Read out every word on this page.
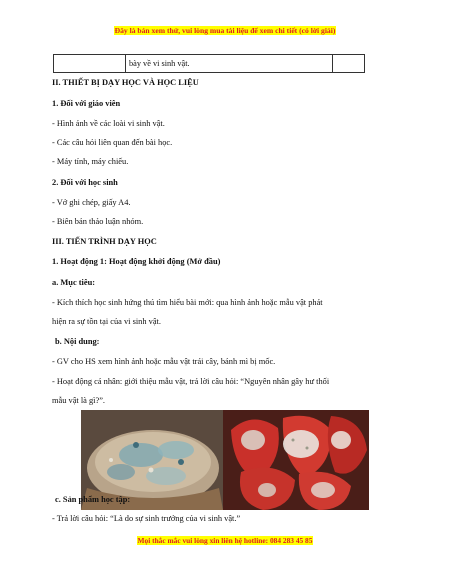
Đây là bản xem thử, vui lòng mua tài liệu để xem chi tiết (có lời giải)
	bày về vi sinh vật.	
II. THIẾT BỊ DẠY HỌC VÀ HỌC LIỆU
1. Đối với giáo viên
- Hình ảnh về các loài vi sinh vật.
- Các câu hỏi liên quan đến bài học.
- Máy tính, máy chiếu.
2. Đối với học sinh
- Vở ghi chép, giấy A4.
- Biên bản thảo luận nhóm.
III. TIẾN TRÌNH DẠY HỌC
1. Hoạt động 1: Hoạt động khởi động (Mở đầu)
a. Mục tiêu:
- Kích thích học sinh hứng thú tìm hiểu bài mới: qua hình ảnh hoặc mẫu vật phát
hiện ra sự tồn tại của vi sinh vật.
b. Nội dung:
- GV cho HS xem hình ảnh hoặc mẫu vật trái cây, bánh mì bị mốc.
- Hoạt động cá nhân: giới thiệu mẫu vật, trả lời câu hỏi: “Nguyên nhân gây hư thối
mẫu vật là gì?”.
c. Sản phẩm học tập:
- Trả lời câu hỏi: “Là do sự sinh trưởng của vi sinh vật.”
Mọi thắc mắc vui lòng xin liên hệ hotline: 084 283 45 85
